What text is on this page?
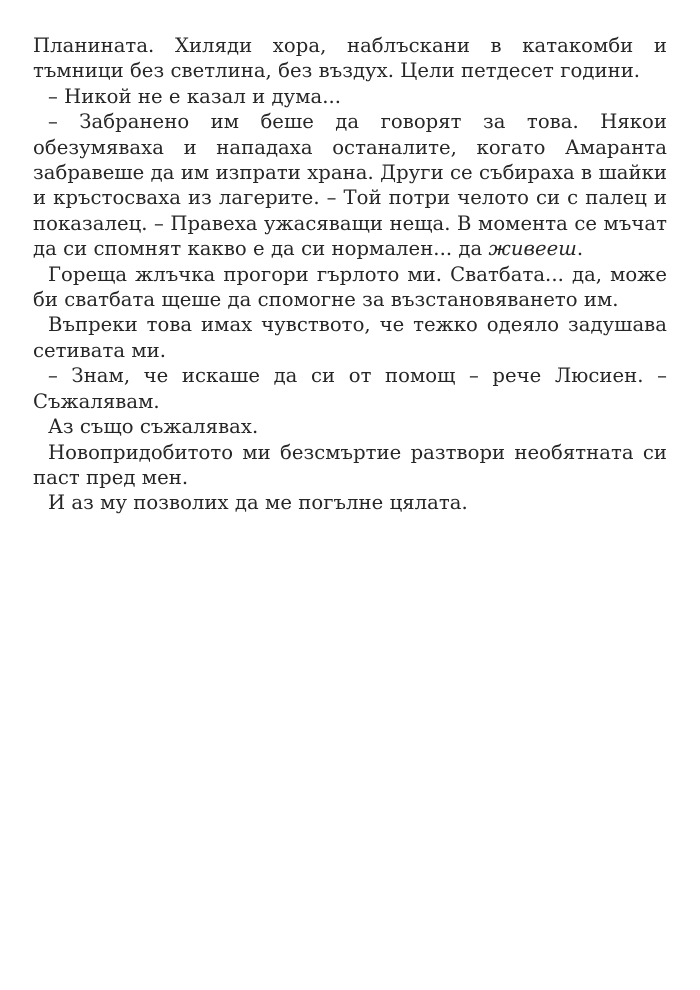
Планината. Хиляди хора, наблъскани в катакомби и тъмници без светлина, без въздух. Цели петдесет години.

– Никой не е казал и дума...

– Забранено им беше да говорят за това. Някои обезумяваха и нападаха останалите, когато Амаранта забравеше да им изпрати храна. Други се събираха в шайки и кръстосваха из лагерите. – Той потри челото си с палец и показалец. – Правеха ужасяващи неща. В момента се мъчат да си спомнят какво е да си нормален... да живееш.

Гореща жлъчка прогори гърлото ми. Сватбата... да, може би сватбата щеше да спомогне за възстановяването им.

Въпреки това имах чувството, че тежко одеяло задушава сетивата ми.

– Знам, че искаше да си от помощ – рече Люсиен. – Съжалявам.

Аз също съжалявах.

Новопридобитото ми безсмъртие разтвори необятната си паст пред мен.

И аз му позволих да ме погълне цялата.
